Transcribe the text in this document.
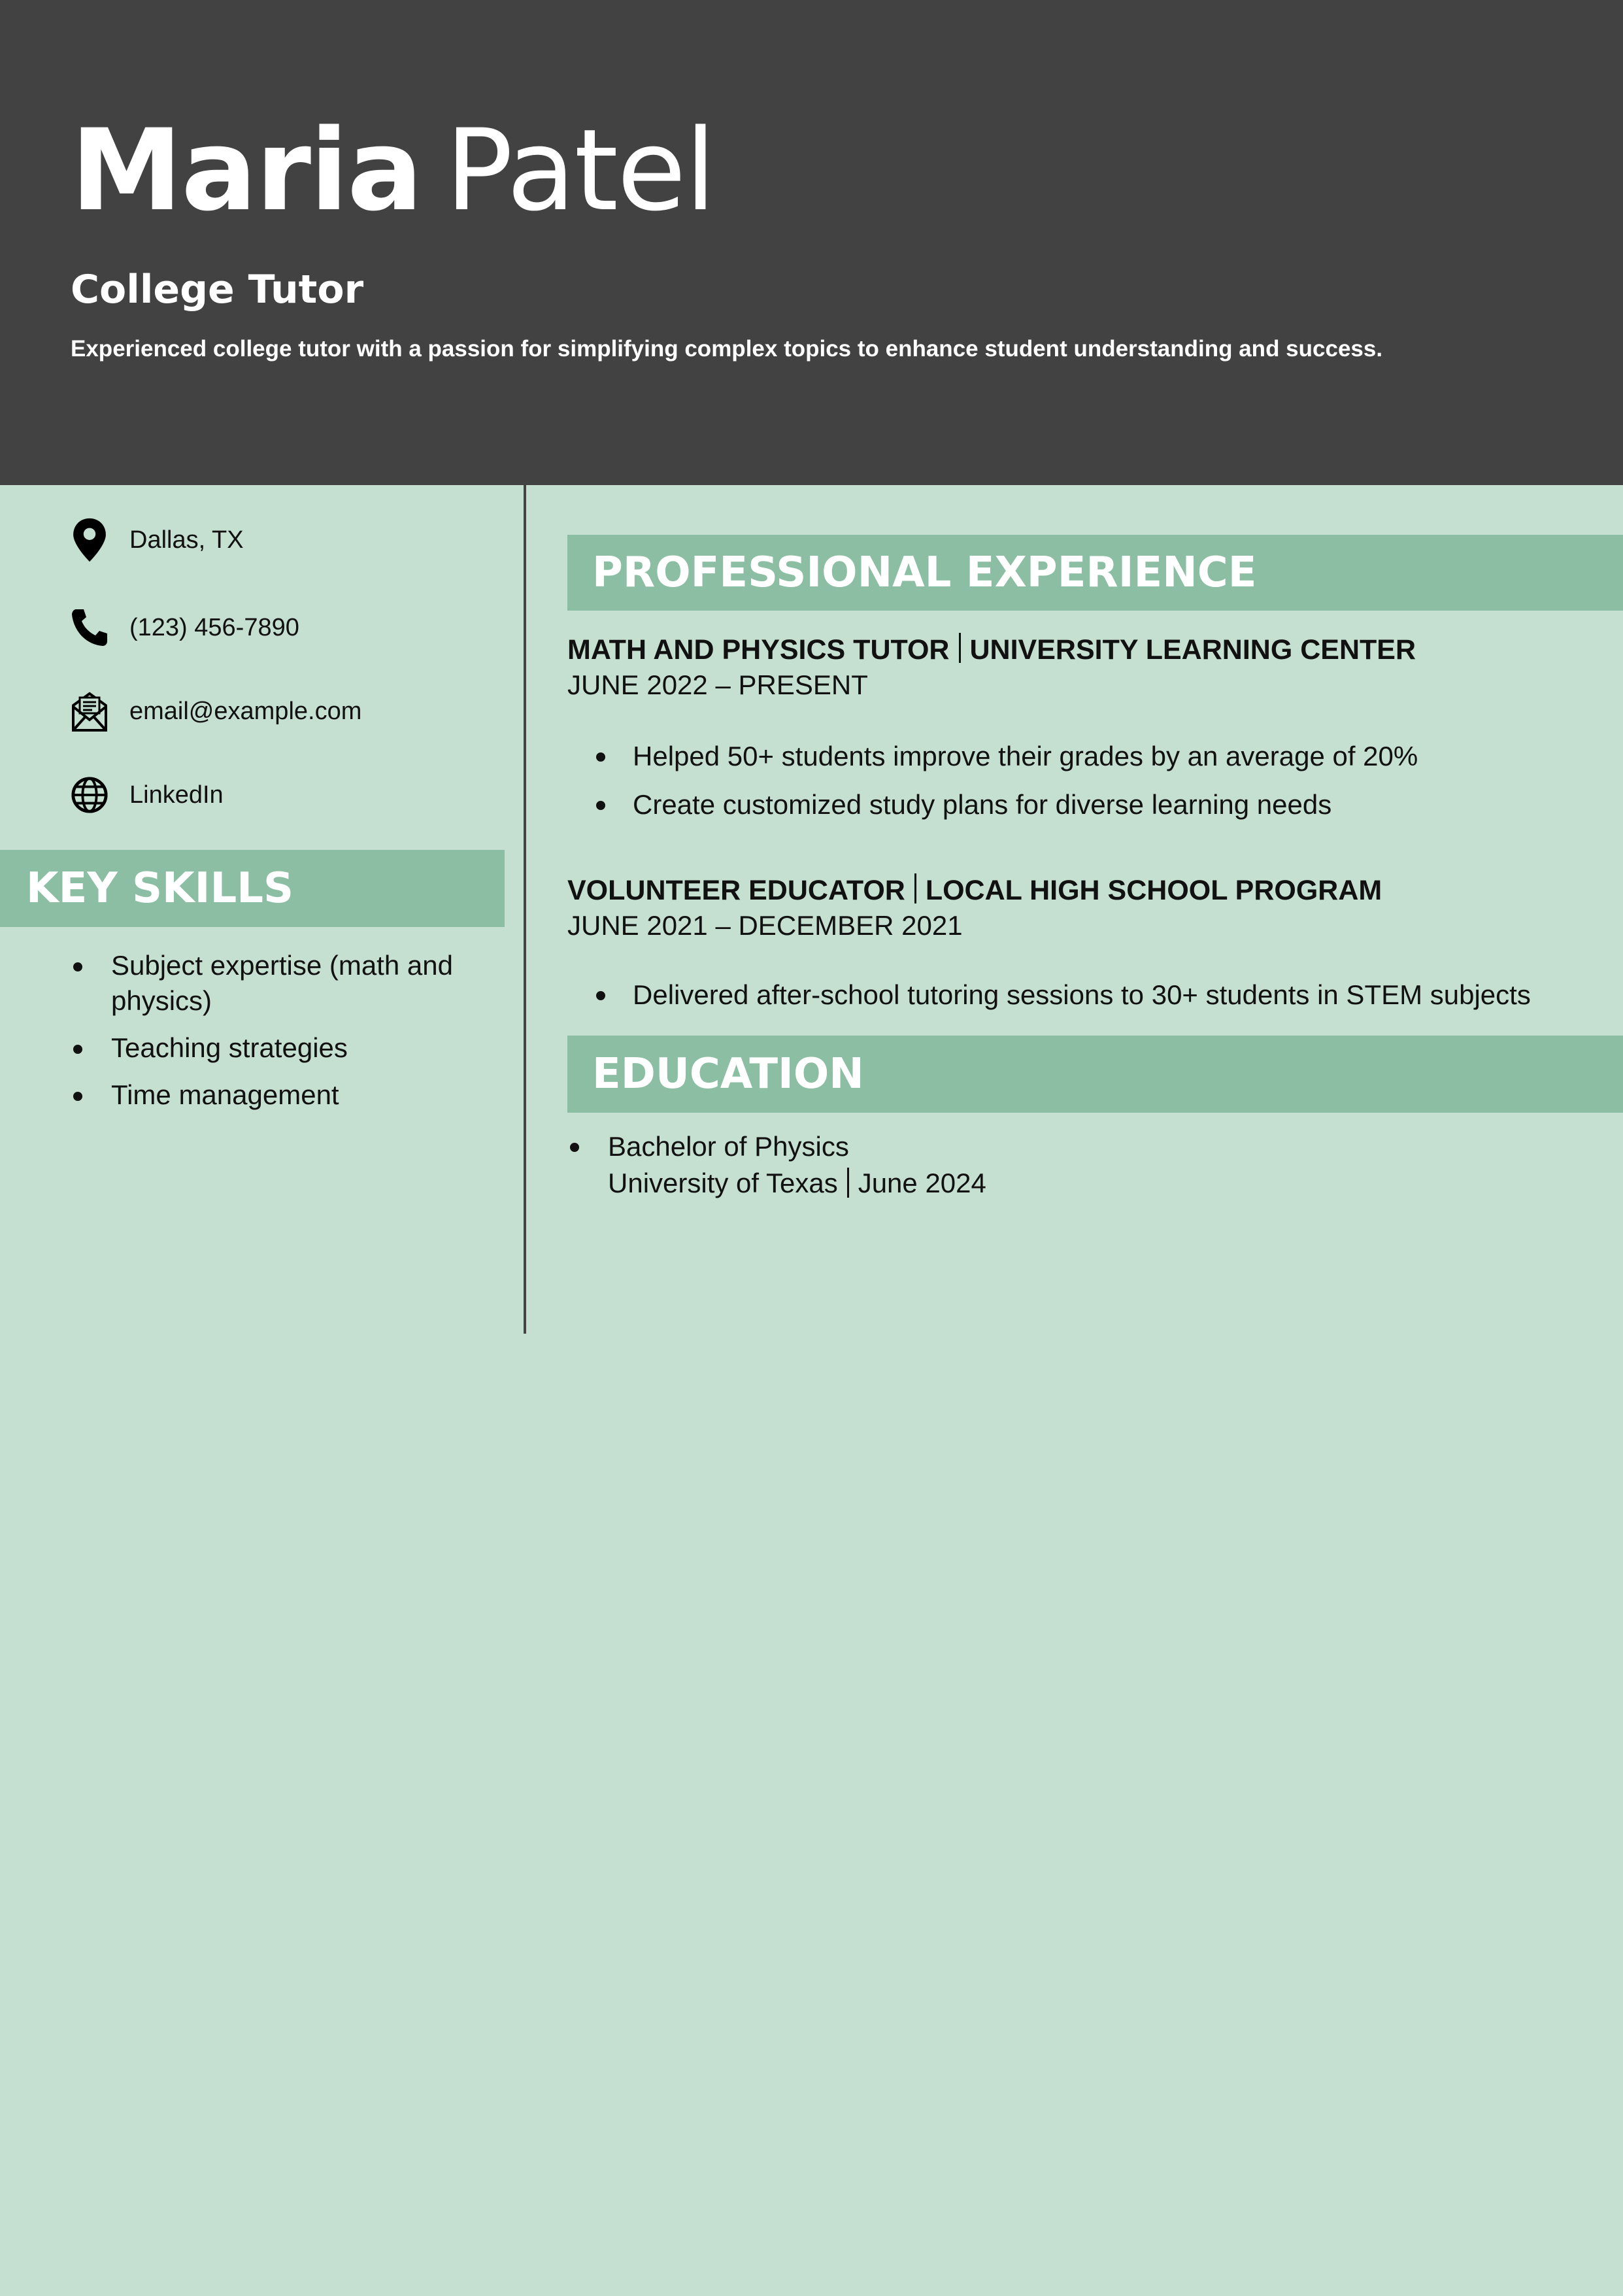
Maria Patel
College Tutor
Experienced college tutor with a passion for simplifying complex topics to enhance student understanding and success.
Dallas, TX
(123) 456-7890
email@example.com
LinkedIn
KEY SKILLS
Subject expertise (math and physics)
Teaching strategies
Time management
PROFESSIONAL EXPERIENCE
MATH AND PHYSICS TUTOR UNIVERSITY LEARNING CENTER
JUNE 2022 – PRESENT
Helped 50+ students improve their grades by an average of 20%
Create customized study plans for diverse learning needs
VOLUNTEER EDUCATOR LOCAL HIGH SCHOOL PROGRAM
JUNE 2021 – DECEMBER 2021
Delivered after-school tutoring sessions to 30+ students in STEM subjects
EDUCATION
Bachelor of Physics
University of Texas June 2024
